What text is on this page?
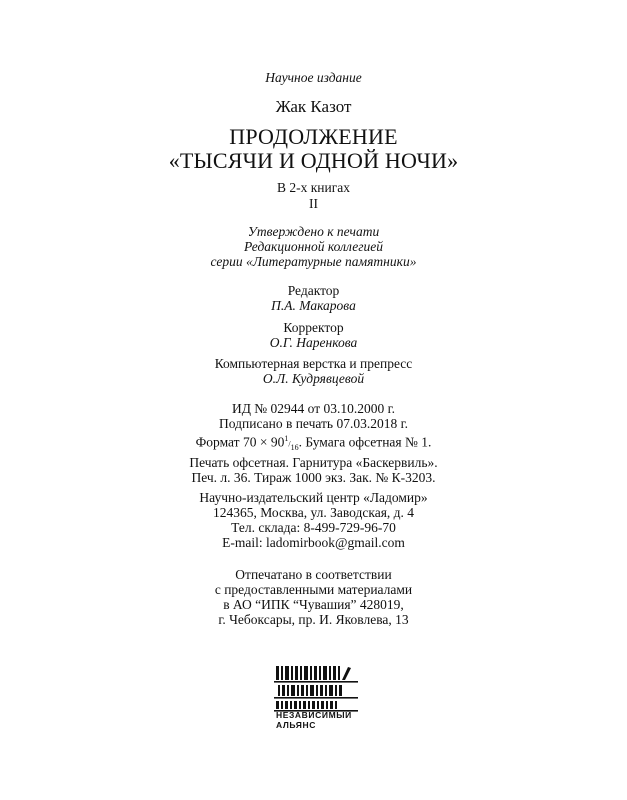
Научное издание
Жак Казот
ПРОДОЛЖЕНИЕ
«ТЫСЯЧИ И ОДНОЙ НОЧИ»
В 2-х книгах
II
Утверждено к печати
Редакционной коллегией
серии «Литературные памятники»
Редактор
П.А. Макарова
Корректор
О.Г. Наренкова
Компьютерная верстка и препресс
О.Л. Кудрявцевой
ИД № 02944 от 03.10.2000 г.
Подписано в печать 07.03.2018 г.
Формат $70 \times 90^1/_{16}$. Бумага офсетная № 1.
Печать офсетная. Гарнитура «Баскервиль».
Печ. л. 36. Тираж 1000 экз. Зак. № К-3203.
Научно-издательский центр «Ладомир»
124365, Москва, ул. Заводская, д. 4
Тел. склада: 8-499-729-96-70
E-mail: ladomirbook@gmail.com
Отпечатано в соответствии
с предоставленными материалами
в АО “ИПК “Чувашия” 428019,
г. Чебоксары, пр. И. Яковлева, 13
НЕЗАВИСИМЫЙ
АЛЬЯНС
